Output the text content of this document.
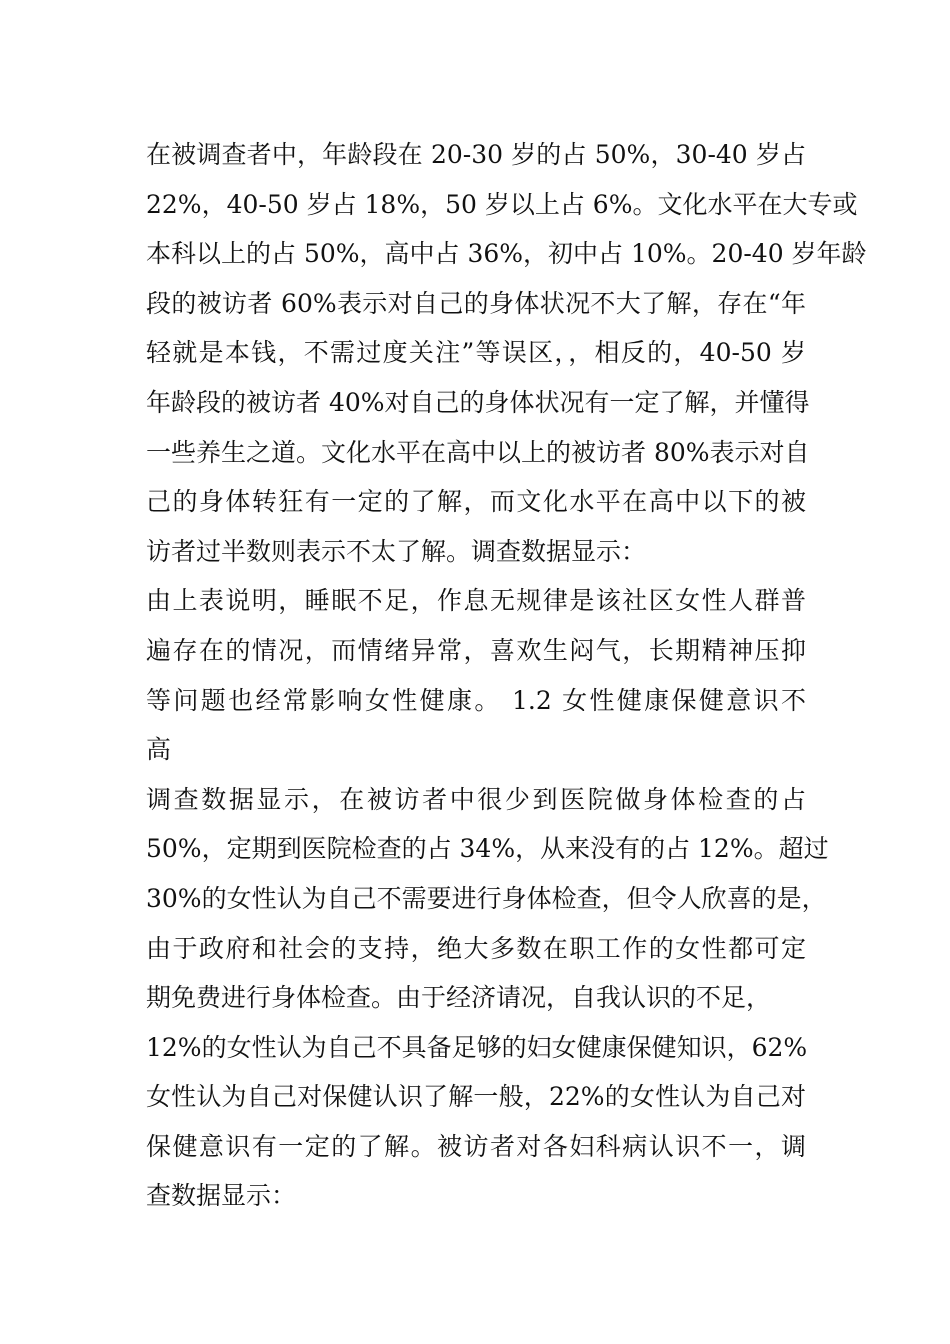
在被调查者中，年龄段在 20-30 岁的占 50%，30-40 岁占
22%，40-50 岁占 18%，50 岁以上占 6%。文化水平在大专或
本科以上的占 50%，高中占 36%，初中占 10%。20-40 岁年龄
段的被访者 60%表示对自己的身体状况不大了解，存在“年
轻就是本钱，不需过度关注”等误区，，相反的，40-50 岁
年龄段的被访者 40%对自己的身体状况有一定了解，并懂得
一些养生之道。文化水平在高中以上的被访者 80%表示对自
己的身体转狂有一定的了解，而文化水平在高中以下的被
访者过半数则表示不太了解。调查数据显示：
由上表说明，睡眠不足，作息无规律是该社区女性人群普
遍存在的情况，而情绪异常，喜欢生闷气，长期精神压抑
等问题也经常影响女性健康。 1.2 女性健康保健意识不
高
调查数据显示，在被访者中很少到医院做身体检查的占
50%，定期到医院检查的占 34%，从来没有的占 12%。超过
30%的女性认为自己不需要进行身体检查，但令人欣喜的是，
由于政府和社会的支持，绝大多数在职工作的女性都可定
期免费进行身体检查。由于经济请况，自我认识的不足，
12%的女性认为自己不具备足够的妇女健康保健知识，62%
女性认为自己对保健认识了解一般，22%的女性认为自己对
保健意识有一定的了解。被访者对各妇科病认识不一，调
查数据显示：
